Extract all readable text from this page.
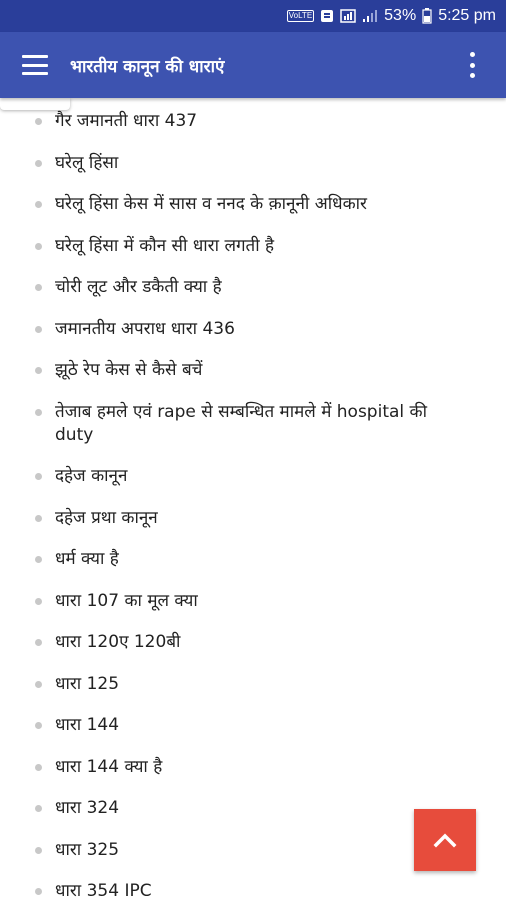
VoLTE	53% 5:25 pm
भारतीय कानून की धाराएं
गैर जमानती धारा 437
घरेलू हिंसा
घरेलू हिंसा केस में सास व ननद के क़ानूनी अधिकार
घरेलू हिंसा में कौन सी धारा लगती है
चोरी लूट और डकैती क्या है
जमानतीय अपराध धारा 436
झूठे रेप केस से कैसे बचें
तेजाब हमले एवं rape से सम्बन्धित मामले में hospital की duty
दहेज कानून
दहेज प्रथा कानून
धर्म क्या है
धारा 107 का मूल क्या
धारा 120ए 120बी
धारा 125
धारा 144
धारा 144 क्या है
धारा 324
धारा 325
धारा 354 IPC
